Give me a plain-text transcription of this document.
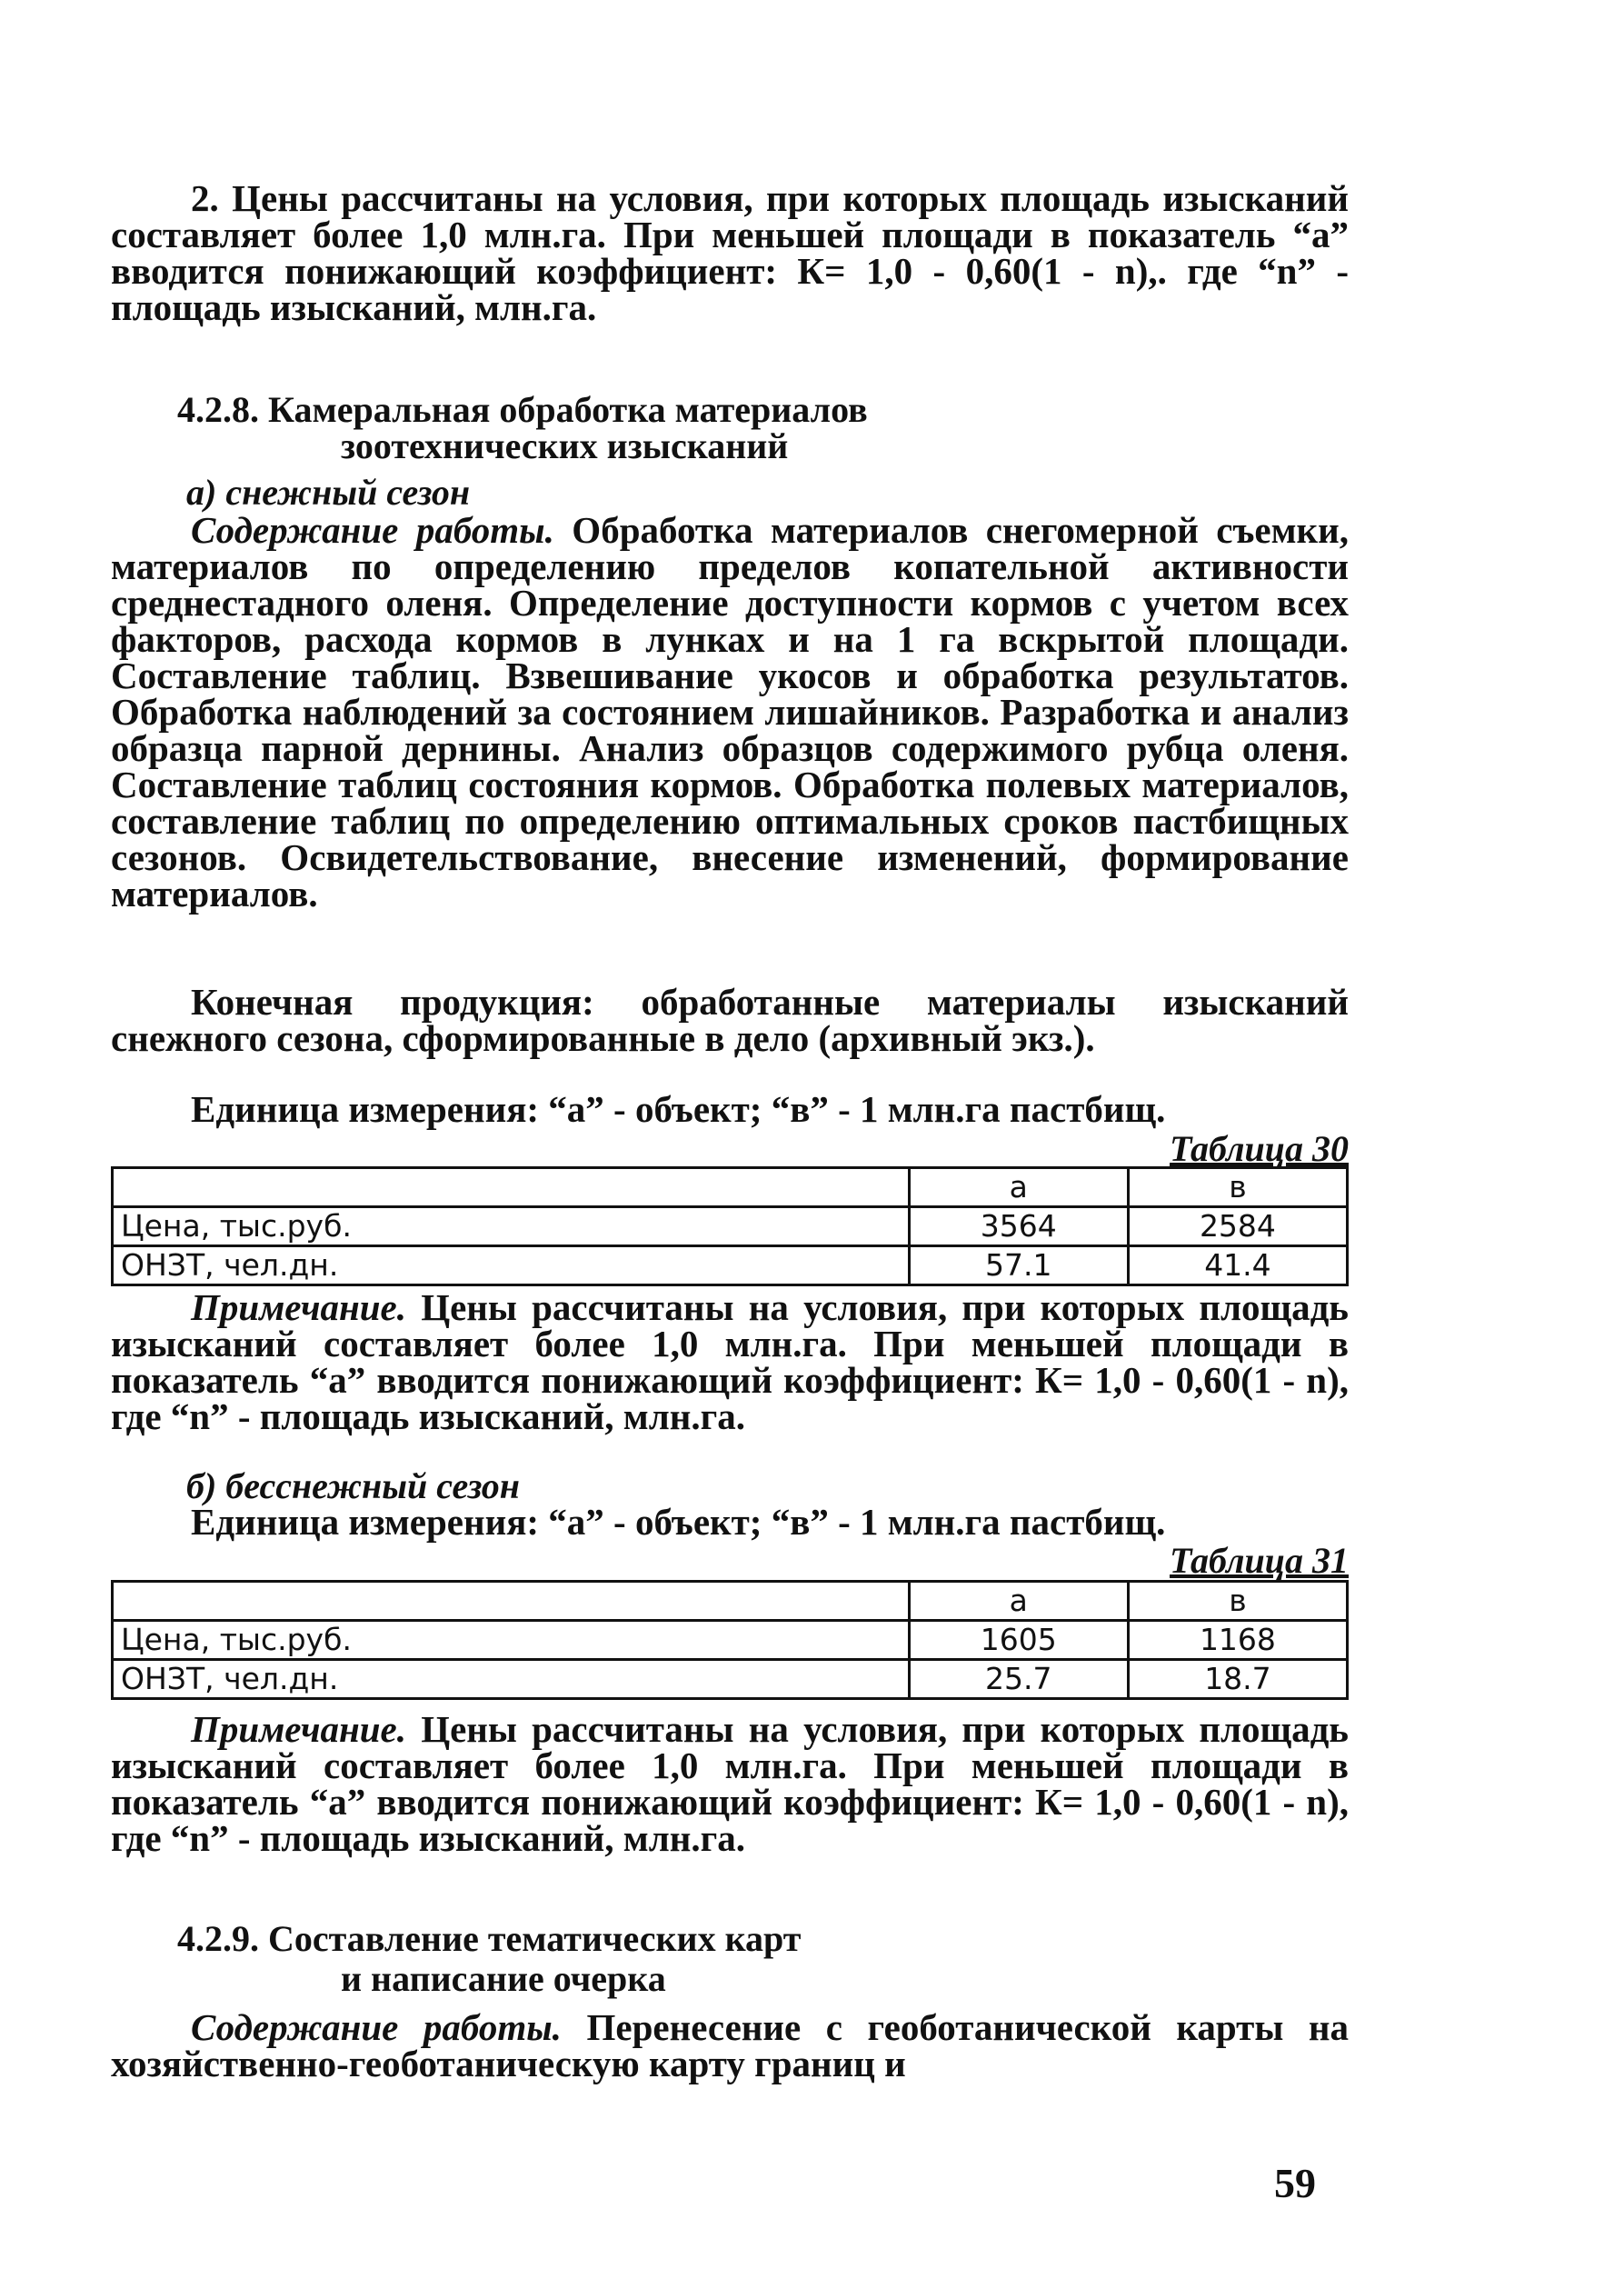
2. Цены рассчитаны на условия, при которых площадь изысканий составляет более 1,0 млн.га. При меньшей площади в показатель “а” вводится понижающий коэффициент: К= 1,0 - 0,60(1 - n),. где “n” - площадь изысканий, млн.га.
4.2.8. Камеральная обработка материалов
зоотехнических изысканий
а) снежный сезон
Содержание работы. Обработка материалов снегомерной съемки, материалов по определению пределов копательной активности среднестадного оленя. Определение доступности кормов с учетом всех факторов, расхода кормов в лунках и на 1 га вскрытой площади. Составление таблиц. Взвешивание укосов и обработка результатов. Обработка наблюдений за состоянием лишайников. Разработка и анализ образца парной дернины. Анализ образцов содержимого рубца оленя. Составление таблиц состояния кормов. Обработка полевых материалов, составление таблиц по определению оптимальных сроков пастбищных сезонов. Освидетельствование, внесение изменений, формирование материалов.
Конечная продукция: обработанные материалы изысканий снежного сезона, сформированные в дело (архивный экз.).
Единица измерения: “а” - объект; “в” - 1 млн.га пастбищ.
Таблица 30
	а	в
Цена, тыс.руб.	3564	2584
ОНЗТ, чел.дн.	57.1	41.4
Примечание. Цены рассчитаны на условия, при которых площадь изысканий составляет более 1,0 млн.га. При меньшей площади в показатель “а” вводится понижающий коэффициент: К= 1,0 - 0,60(1 - n), где “n” - площадь изысканий, млн.га.
б) бесснежный сезон
Единица измерения: “а” - объект; “в” - 1 млн.га пастбищ.
Таблица 31
	а	в
Цена, тыс.руб.	1605	1168
ОНЗТ, чел.дн.	25.7	18.7
Примечание. Цены рассчитаны на условия, при которых площадь изысканий составляет более 1,0 млн.га. При меньшей площади в показатель “а” вводится понижающий коэффициент: К= 1,0 - 0,60(1 - n), где “n” - площадь изысканий, млн.га.
4.2.9. Составление тематических карт
и написание очерка
Содержание работы. Перенесение с геоботанической карты на хозяйственно-геоботаническую карту границ и
59
